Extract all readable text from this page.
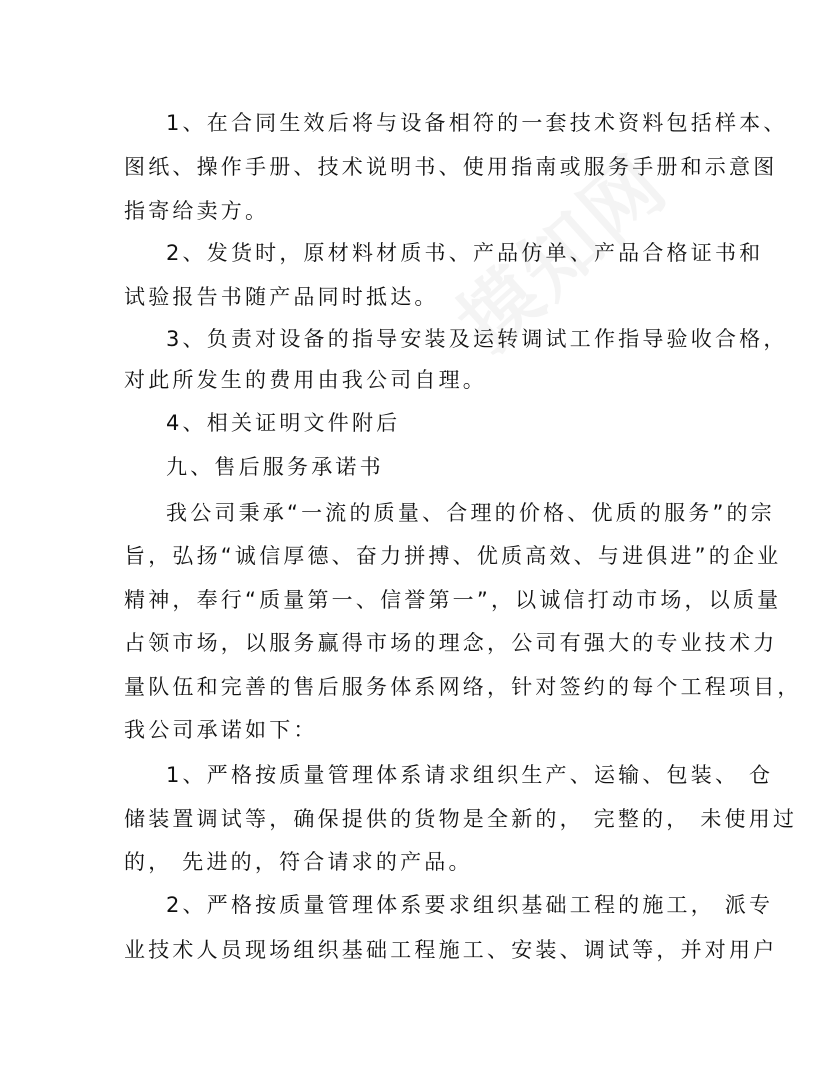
1、在合同生效后将与设备相符的一套技术资料包括样本、
图纸、操作手册、技术说明书、使用指南或服务手册和示意图
指寄给卖方。
2、发货时，原材料材质书、产品仿单、产品合格证书和
试验报告书随产品同时抵达。
3、负责对设备的指导安装及运转调试工作指导验收合格，
对此所发生的费用由我公司自理。
4、相关证明文件附后
九、售后服务承诺书
我公司秉承“一流的质量、合理的价格、优质的服务”的宗
旨，弘扬“诚信厚德、奋力拼搏、优质高效、与进俱进”的企业
精神，奉行“质量第一、信誉第一”，以诚信打动市场，以质量
占领市场，以服务赢得市场的理念，公司有强大的专业技术力
量队伍和完善的售后服务体系网络，针对签约的每个工程项目，
我公司承诺如下：
1、严格按质量管理体系请求组织生产、运输、包装、 仓
储装置调试等，确保提供的货物是全新的， 完整的， 未使用过
的， 先进的，符合请求的产品。
2、严格按质量管理体系要求组织基础工程的施工， 派专
业技术人员现场组织基础工程施工、安装、调试等，并对用户
